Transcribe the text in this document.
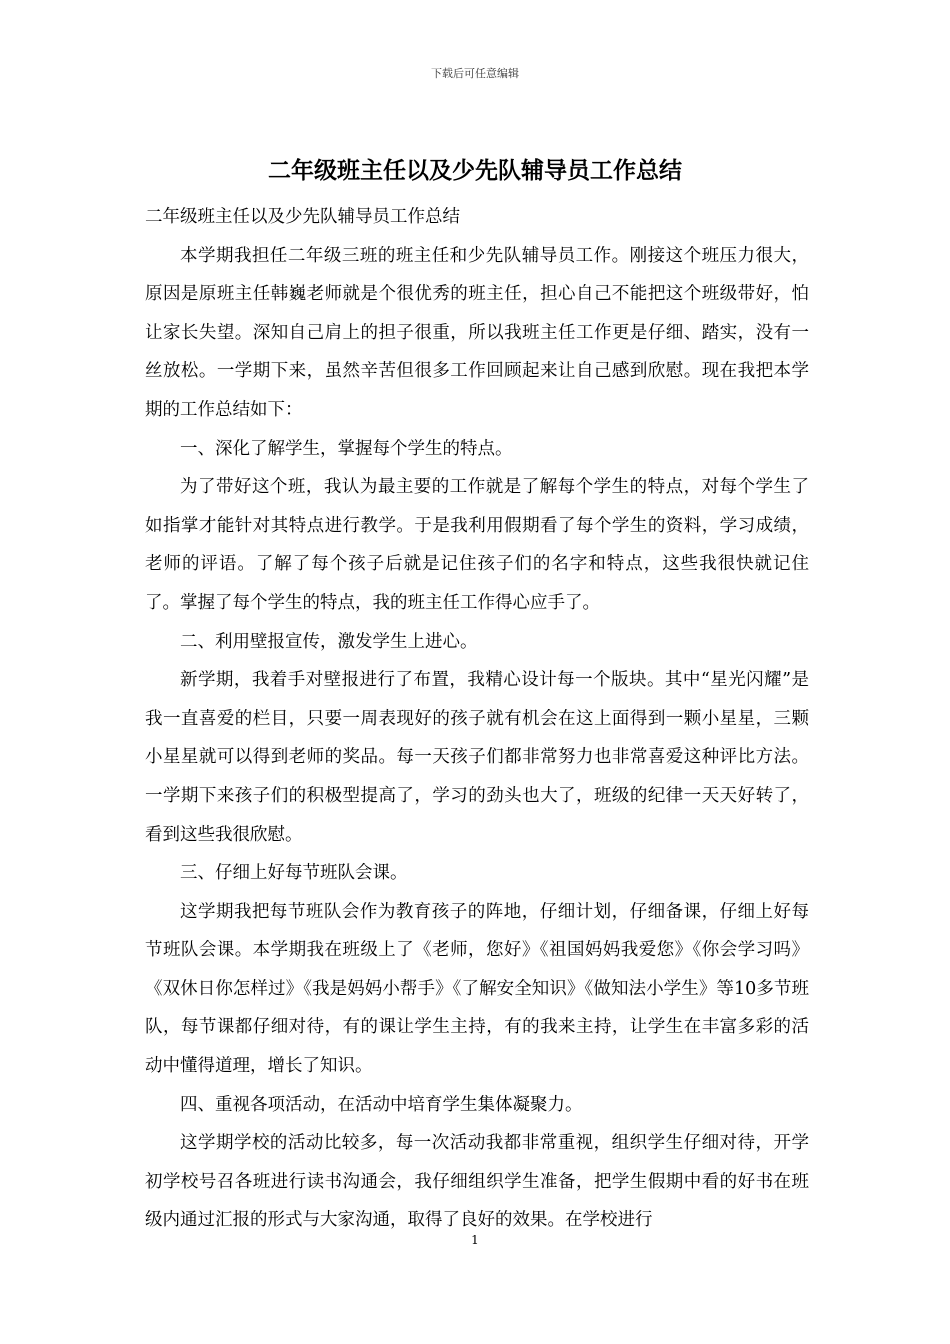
下载后可任意编辑
二年级班主任以及少先队辅导员工作总结

二年级班主任以及少先队辅导员工作总结

本学期我担任二年级三班的班主任和少先队辅导员工作。刚接这个班压力很大，原因是原班主任韩巍老师就是个很优秀的班主任，担心自己不能把这个班级带好，怕让家长失望。深知自己肩上的担子很重，所以我班主任工作更是仔细、踏实，没有一丝放松。一学期下来，虽然辛苦但很多工作回顾起来让自己感到欣慰。现在我把本学期的工作总结如下：

一、深化了解学生，掌握每个学生的特点。

为了带好这个班，我认为最主要的工作就是了解每个学生的特点，对每个学生了如指掌才能针对其特点进行教学。于是我利用假期看了每个学生的资料，学习成绩，老师的评语。了解了每个孩子后就是记住孩子们的名字和特点，这些我很快就记住了。掌握了每个学生的特点，我的班主任工作得心应手了。

二、利用壁报宣传，激发学生上进心。

新学期，我着手对壁报进行了布置，我精心设计每一个版块。其中“星光闪耀”是我一直喜爱的栏目，只要一周表现好的孩子就有机会在这上面得到一颗小星星，三颗小星星就可以得到老师的奖品。每一天孩子们都非常努力也非常喜爱这种评比方法。一学期下来孩子们的积极型提高了，学习的劲头也大了，班级的纪律一天天好转了，看到这些我很欣慰。

三、仔细上好每节班队会课。

这学期我把每节班队会作为教育孩子的阵地，仔细计划，仔细备课，仔细上好每节班队会课。本学期我在班级上了《老师，您好》《祖国妈妈我爱您》《你会学习吗》《双休日你怎样过》《我是妈妈小帮手》《了解安全知识》《做知法小学生》等10多节班队，每节课都仔细对待，有的课让学生主持，有的我来主持，让学生在丰富多彩的活动中懂得道理，增长了知识。

四、重视各项活动，在活动中培育学生集体凝聚力。

这学期学校的活动比较多，每一次活动我都非常重视，组织学生仔细对待，开学初学校号召各班进行读书沟通会，我仔细组织学生准备，把学生假期中看的好书在班级内通过汇报的形式与大家沟通，取得了良好的效果。在学校进行

1
